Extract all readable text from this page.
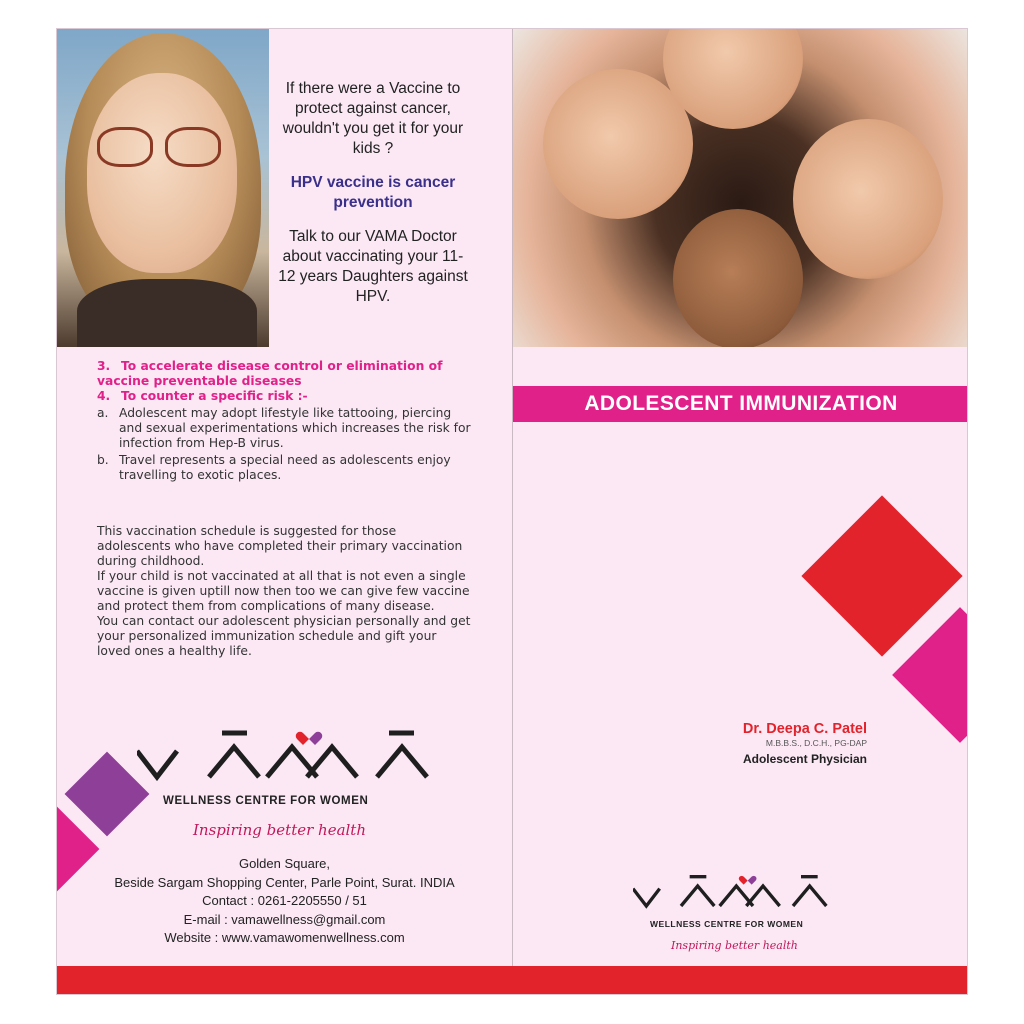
If there were a Vaccine to protect against cancer, wouldn't you get it for your kids ?

HPV vaccine is cancer prevention

Talk to our VAMA Doctor about vaccinating your 11-12 years Daughters against HPV.

3. To accelerate disease control or elimination of vaccine preventable diseases

4. To counter a specific risk :-

a. Adolescent may adopt lifestyle like tattooing, piercing and sexual experimentations which increases the risk for infection from Hep-B virus.
b. Travel represents a special need as adolescents enjoy travelling to exotic places.

This vaccination schedule is suggested for those adolescents who have completed their primary vaccination during childhood.

If your child is not vaccinated at all that is not even a single vaccine is given uptill now then too we can give few vaccine and protect them from complications of many disease.

You can contact our adolescent physician personally and get your personalized immunization schedule and gift your loved ones a healthy life.

WELLNESS CENTRE FOR WOMEN
Inspiring better health
Golden Square,
Beside Sargam Shopping Center, Parle Point, Surat. INDIA
Contact : 0261-2205550 / 51
E-mail : vamawellness@gmail.com
Website : www.vamawomenwellness.com
ADOLESCENT IMMUNIZATION
Dr. Deepa C. Patel
M.B.B.S., D.C.H., PG-DAP
Adolescent Physician
WELLNESS CENTRE FOR WOMEN
Inspiring better health
